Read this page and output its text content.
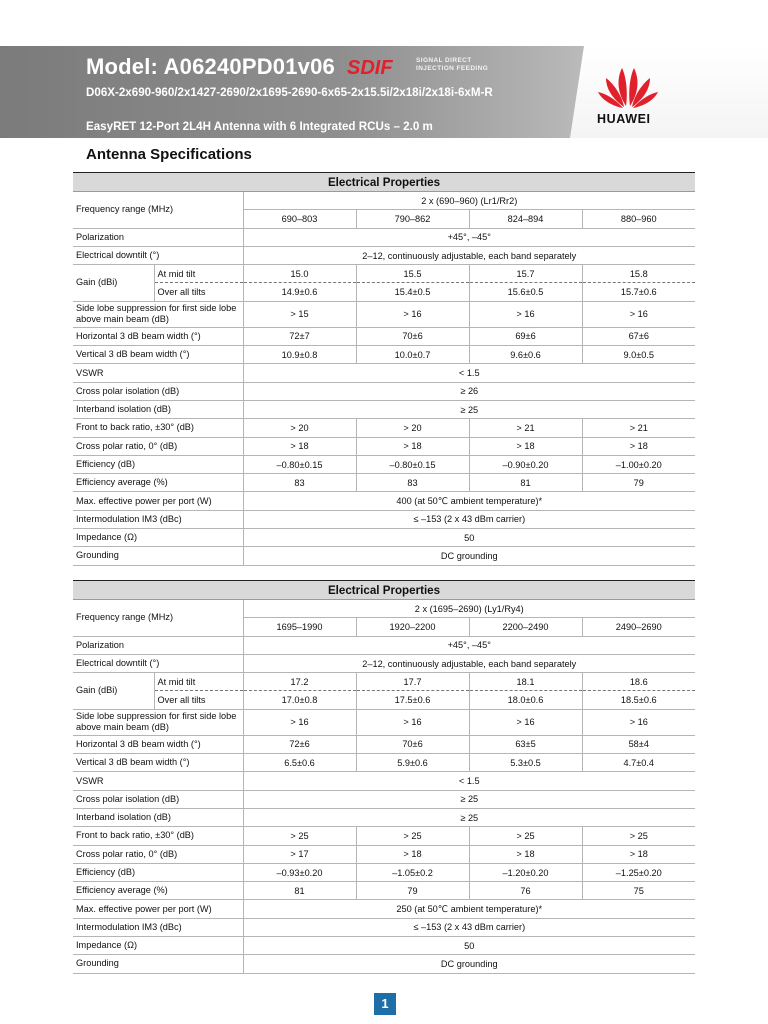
Model: A06240PD01v06 SDIF	SIGNAL DIRECT
INJECTION FEEDING
D06X-2x690-960/2x1427-2690/2x1695-2690-6x65-2x15.5i/2x18i/2x18i-6xM-R
EasyRET 12-Port 2L4H Antenna with 6 Integrated RCUs – 2.0 m
HUAWEI
Antenna Specifications
Electrical Properties					
Frequency range (MHz)		2 x (690–960) (Lr1/Rr2)			
		690–803	790–862	824–894	880–960
Polarization		+45°, –45°			
Electrical downtilt (°)		2–12, continuously adjustable, each band separately			
Gain (dBi)	At mid tilt	15.0	15.5	15.7	15.8
	Over all tilts	14.9±0.6	15.4±0.5	15.6±0.5	15.7±0.6
Side lobe suppression for first side lobe above main beam (dB)		> 15	> 16	> 16	> 16
Horizontal 3 dB beam width (°)		72±7	70±6	69±6	67±6
Vertical 3 dB beam width (°)		10.9±0.8	10.0±0.7	9.6±0.6	9.0±0.5
VSWR		< 1.5			
Cross polar isolation (dB)		≥ 26			
Interband isolation (dB)		≥ 25			
Front to back ratio, ±30° (dB)		> 20	> 20	> 21	> 21
Cross polar ratio, 0° (dB)		> 18	> 18	> 18	> 18
Efficiency (dB)		–0.80±0.15	–0.80±0.15	–0.90±0.20	–1.00±0.20
Efficiency average (%)		83	83	81	79
Max. effective power per port (W)		400 (at 50℃ ambient temperature)*			
Intermodulation IM3 (dBc)		≤ –153 (2 x 43 dBm carrier)			
Impedance (Ω)		50			
Grounding		DC grounding			
Electrical Properties					
Frequency range (MHz)		2 x (1695–2690) (Ly1/Ry4)			
		1695–1990	1920–2200	2200–2490	2490–2690
Polarization		+45°, –45°			
Electrical downtilt (°)		2–12, continuously adjustable, each band separately			
Gain (dBi)	At mid tilt	17.2	17.7	18.1	18.6
	Over all tilts	17.0±0.8	17.5±0.6	18.0±0.6	18.5±0.6
Side lobe suppression for first side lobe above main beam (dB)		> 16	> 16	> 16	> 16
Horizontal 3 dB beam width (°)		72±6	70±6	63±5	58±4
Vertical 3 dB beam width (°)		6.5±0.6	5.9±0.6	5.3±0.5	4.7±0.4
VSWR		< 1.5			
Cross polar isolation (dB)		≥ 25			
Interband isolation (dB)		≥ 25			
Front to back ratio, ±30° (dB)		> 25	> 25	> 25	> 25
Cross polar ratio, 0° (dB)		> 17	> 18	> 18	> 18
Efficiency (dB)		–0.93±0.20	–1.05±0.2	–1.20±0.20	–1.25±0.20
Efficiency average (%)		81	79	76	75
Max. effective power per port (W)		250 (at 50℃ ambient temperature)*			
Intermodulation IM3 (dBc)		≤ –153 (2 x 43 dBm carrier)			
Impedance (Ω)		50			
Grounding		DC grounding			
1
